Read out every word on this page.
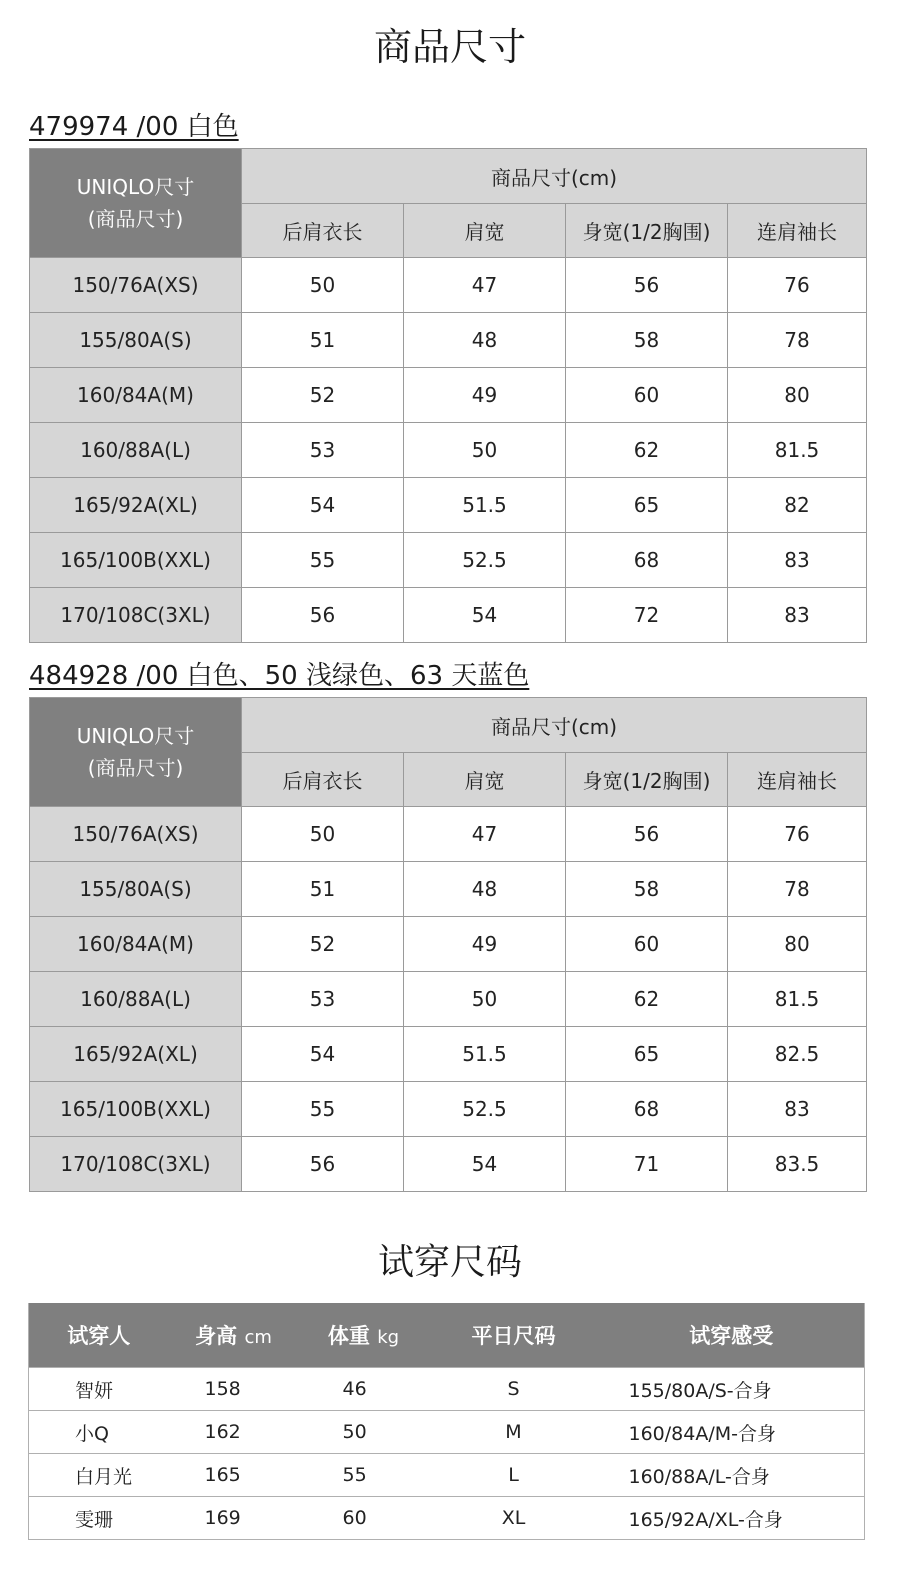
商品尺寸
479974 /00 白色
UNIQLO尺寸
(商品尺寸)	商品尺寸(cm)			
	后肩衣长	肩宽	身宽(1/2胸围)	连肩袖长
150/76A(XS)	50	47	56	76
155/80A(S)	51	48	58	78
160/84A(M)	52	49	60	80
160/88A(L)	53	50	62	81.5
165/92A(XL)	54	51.5	65	82
165/100B(XXL)	55	52.5	68	83
170/108C(3XL)	56	54	72	83
484928 /00 白色、50 浅绿色、63 天蓝色
UNIQLO尺寸
(商品尺寸)	商品尺寸(cm)			
	后肩衣长	肩宽	身宽(1/2胸围)	连肩袖长
150/76A(XS)	50	47	56	76
155/80A(S)	51	48	58	78
160/84A(M)	52	49	60	80
160/88A(L)	53	50	62	81.5
165/92A(XL)	54	51.5	65	82.5
165/100B(XXL)	55	52.5	68	83
170/108C(3XL)	56	54	71	83.5
试穿尺码
试穿人	身高 cm	体重 kg	平日尺码	试穿感受
智妍	158	46	S	155/80A/S-合身
小Q	162	50	M	160/84A/M-合身
白月光	165	55	L	160/88A/L-合身
雯珊	169	60	XL	165/92A/XL-合身
